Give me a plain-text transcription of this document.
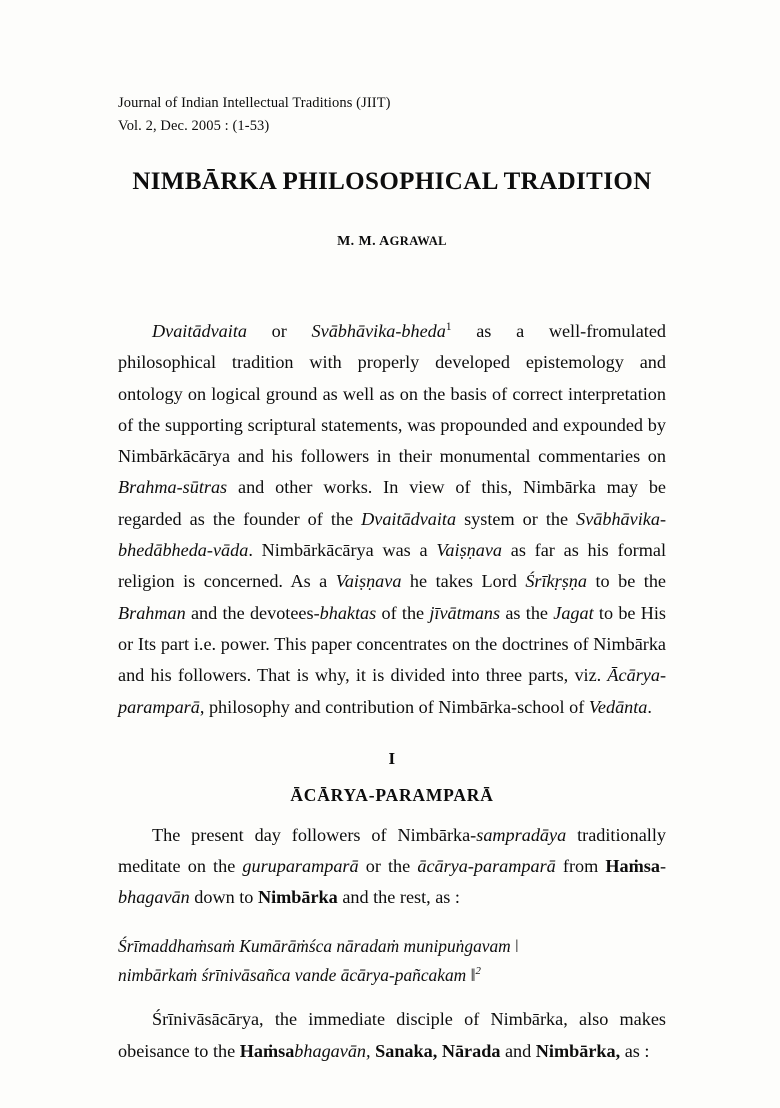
Journal of Indian Intellectual Traditions (JIIT)
Vol. 2, Dec. 2005 : (1-53)
NIMBĀRKA PHILOSOPHICAL TRADITION
M. M. AGRAWAL

Dvaitādvaita or Svābhāvika-bheda$^1$ as a well-fromulated philosophical tradition with properly developed epistemology and ontology on logical ground as well as on the basis of correct interpretation of the supporting scriptural statements, was propounded and expounded by Nimbārkācārya and his followers in their monumental commentaries on Brahma-sūtras and other works. In view of this, Nimbārka may be regarded as the founder of the Dvaitādvaita system or the Svābhāvika-bhedābheda-vāda. Nimbārkācārya was a Vaiṣṇava as far as his formal religion is concerned. As a Vaiṣṇava he takes Lord Śrīkṛṣṇa to be the Brahman and the devotees-bhaktas of the jīvātmans as the Jagat to be His or Its part i.e. power. This paper concentrates on the doctrines of Nimbārka and his followers. That is why, it is divided into three parts, viz. Ācārya-paramparā, philosophy and contribution of Nimbārka-school of Vedānta.

I
ĀCĀRYA-PARAMPARĀ

The present day followers of Nimbārka-sampradāya traditionally meditate on the guruparamparā or the ācārya-paramparā from Haṁsa-bhagavān down to Nimbārka and the rest, as :

Śrīmaddhaṁsaṁ Kumārāṁśca nāradaṁ munipuṅgavam ǀ
nimbārkaṁ śrīnivāsañca vande ācārya-pañcakam $ǁ^2$

Śrīnivāsācārya, the immediate disciple of Nimbārka, also makes obeisance to the Haṁsabhagavān, Sanaka, Nārada and Nimbārka, as :
